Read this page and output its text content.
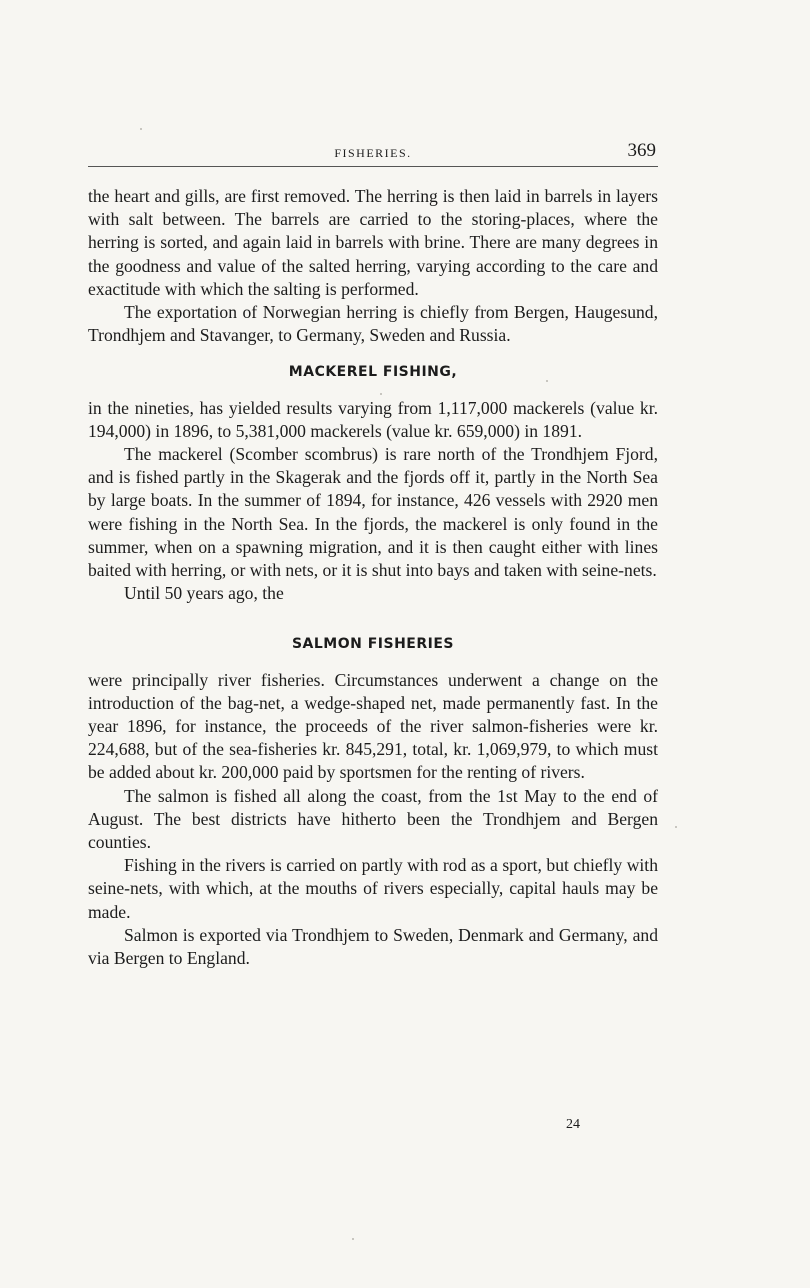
FISHERIES.	369

the heart and gills, are first removed. The herring is then laid in barrels in layers with salt between. The barrels are carried to the storing-places, where the herring is sorted, and again laid in barrels with brine. There are many degrees in the goodness and value of the salted herring, varying according to the care and exactitude with which the salting is performed.

The exportation of Norwegian herring is chiefly from Bergen, Haugesund, Trondhjem and Stavanger, to Germany, Sweden and Russia.

MACKEREL FISHING,

in the nineties, has yielded results varying from 1,117,000 mackerels (value kr. 194,000) in 1896, to 5,381,000 mackerels (value kr. 659,000) in 1891.

The mackerel (Scomber scombrus) is rare north of the Trondhjem Fjord, and is fished partly in the Skagerak and the fjords off it, partly in the North Sea by large boats. In the summer of 1894, for instance, 426 vessels with 2920 men were fishing in the North Sea. In the fjords, the mackerel is only found in the summer, when on a spawning migration, and it is then caught either with lines baited with herring, or with nets, or it is shut into bays and taken with seine-nets.

Until 50 years ago, the

SALMON FISHERIES

were principally river fisheries. Circumstances underwent a change on the introduction of the bag-net, a wedge-shaped net, made permanently fast. In the year 1896, for instance, the proceeds of the river salmon-fisheries were kr. 224,688, but of the sea-fisheries kr. 845,291, total, kr. 1,069,979, to which must be added about kr. 200,000 paid by sportsmen for the renting of rivers.

The salmon is fished all along the coast, from the 1st May to the end of August. The best districts have hitherto been the Trondhjem and Bergen counties.

Fishing in the rivers is carried on partly with rod as a sport, but chiefly with seine-nets, with which, at the mouths of rivers especially, capital hauls may be made.

Salmon is exported via Trondhjem to Sweden, Denmark and Germany, and via Bergen to England.

24
